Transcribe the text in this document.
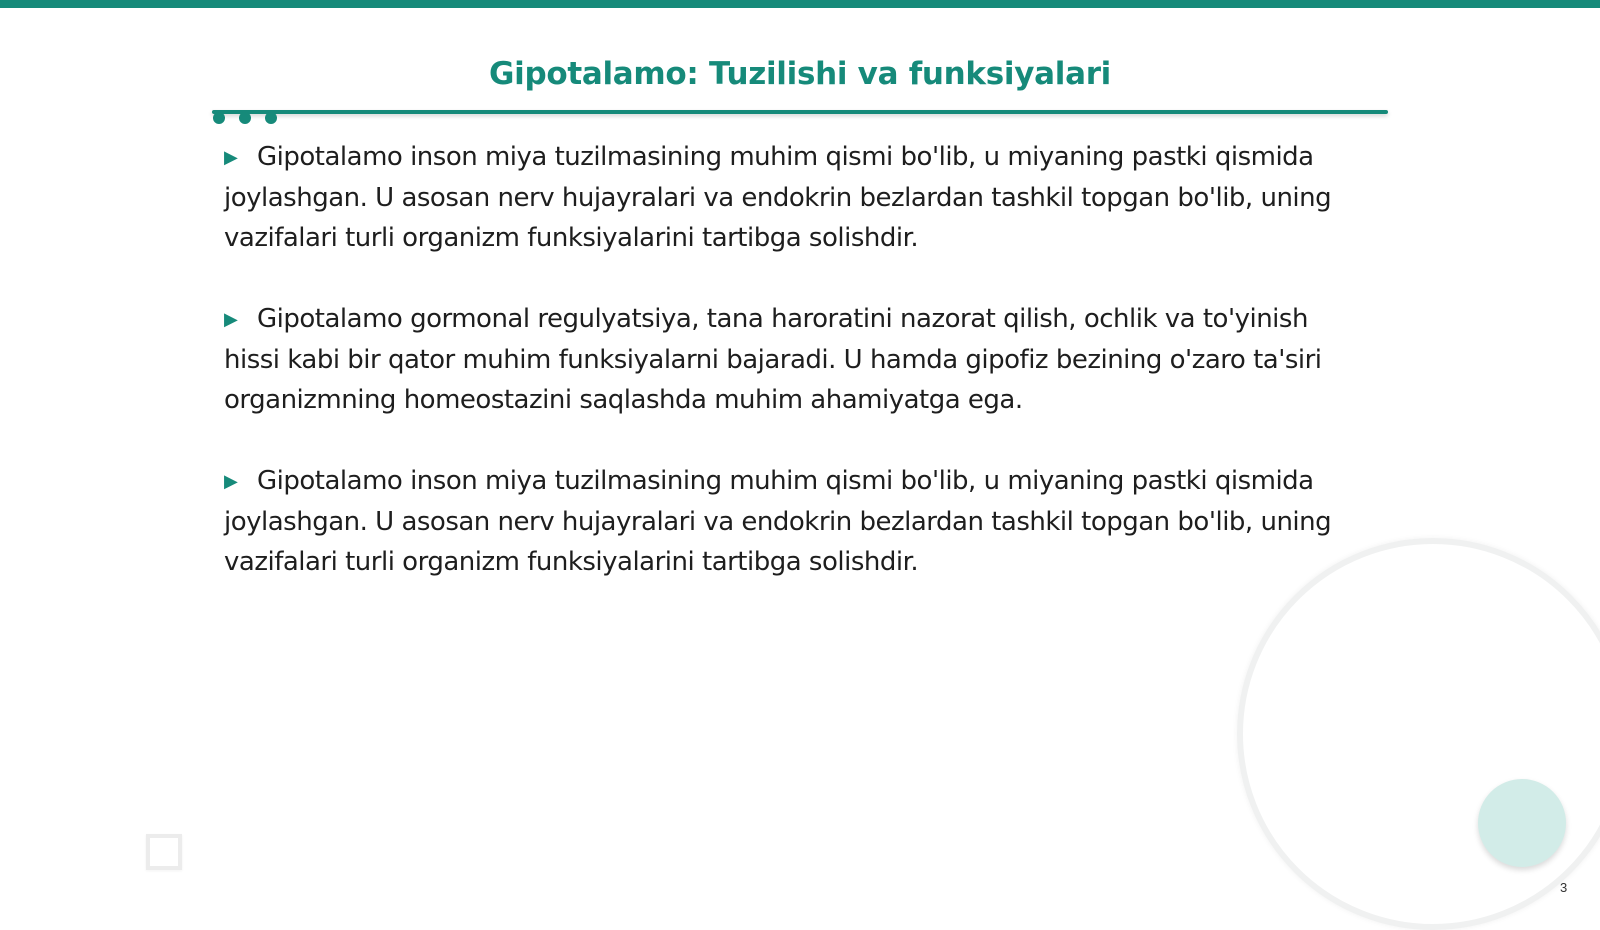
Gipotalamo: Tuzilishi va funksiyalari

▶ Gipotalamo inson miya tuzilmasining muhim qismi bo'lib, u miyaning pastki qismida joylashgan. U asosan nerv hujayralari va endokrin bezlardan tashkil topgan bo'lib, uning vazifalari turli organizm funksiyalarini tartibga solishdir.

▶ Gipotalamo gormonal regulyatsiya, tana haroratini nazorat qilish, ochlik va to'yinish hissi kabi bir qator muhim funksiyalarni bajaradi. U hamda gipofiz bezining o'zaro ta'siri organizmning homeostazini saqlashda muhim ahamiyatga ega.

▶ Gipotalamo inson miya tuzilmasining muhim qismi bo'lib, u miyaning pastki qismida joylashgan. U asosan nerv hujayralari va endokrin bezlardan tashkil topgan bo'lib, uning vazifalari turli organizm funksiyalarini tartibga solishdir.

3
